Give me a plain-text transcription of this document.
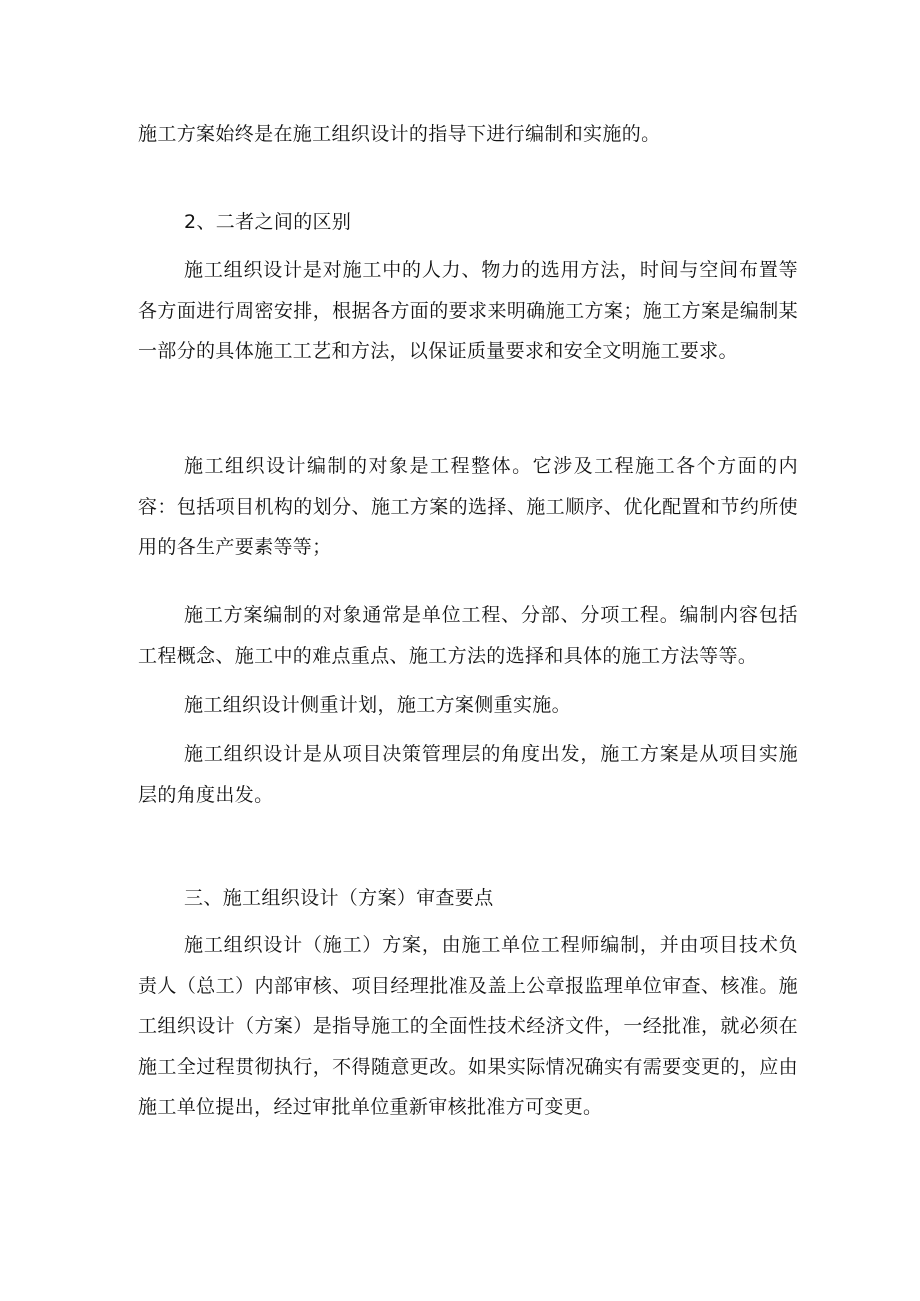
施工方案始终是在施工组织设计的指导下进行编制和实施的。

2、二者之间的区别

施工组织设计是对施工中的人力、物力的选用方法，时间与空间布置等各方面进行周密安排，根据各方面的要求来明确施工方案；施工方案是编制某一部分的具体施工工艺和方法，以保证质量要求和安全文明施工要求。

施工组织设计编制的对象是工程整体。它涉及工程施工各个方面的内容：包括项目机构的划分、施工方案的选择、施工顺序、优化配置和节约所使用的各生产要素等等；

施工方案编制的对象通常是单位工程、分部、分项工程。编制内容包括工程概念、施工中的难点重点、施工方法的选择和具体的施工方法等等。

施工组织设计侧重计划，施工方案侧重实施。

施工组织设计是从项目决策管理层的角度出发，施工方案是从项目实施层的角度出发。

三、施工组织设计（方案）审查要点

施工组织设计（施工）方案，由施工单位工程师编制，并由项目技术负责人（总工）内部审核、项目经理批准及盖上公章报监理单位审查、核准。施工组织设计（方案）是指导施工的全面性技术经济文件，一经批准，就必须在施工全过程贯彻执行，不得随意更改。如果实际情况确实有需要变更的，应由施工单位提出，经过审批单位重新审核批准方可变更。
